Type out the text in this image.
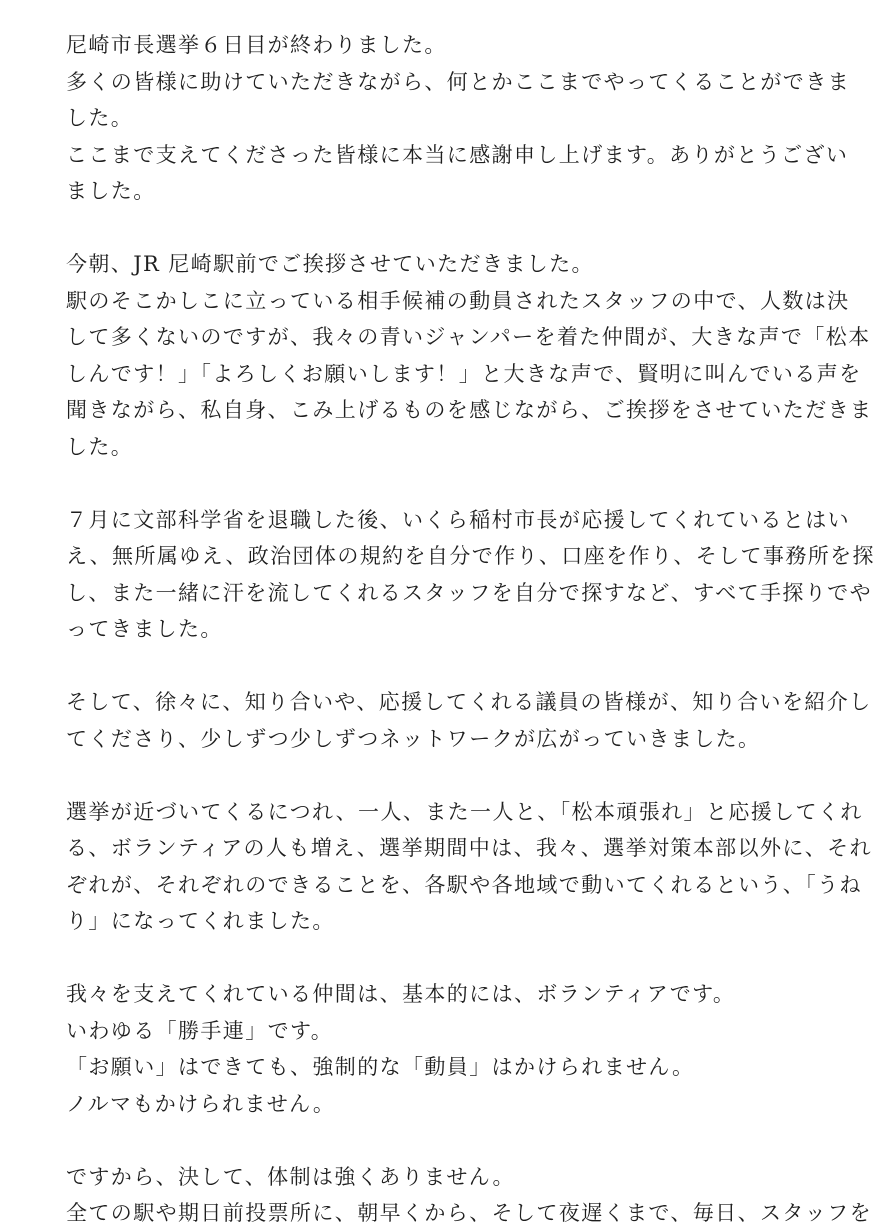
尼崎市長選挙６日目が終わりました。
多くの皆様に助けていただきながら、何とかここまでやってくることができま
した。
ここまで支えてくださった皆様に本当に感謝申し上げます。ありがとうござい
ました。
今朝、JR 尼崎駅前でご挨拶させていただきました。
駅のそこかしこに立っている相手候補の動員されたスタッフの中で、人数は決
して多くないのですが、我々の青いジャンパーを着た仲間が、大きな声で「松本
しんです！」「よろしくお願いします！」と大きな声で、賢明に叫んでいる声を
聞きながら、私自身、こみ上げるものを感じながら、ご挨拶をさせていただきま
した。
７月に文部科学省を退職した後、いくら稲村市長が応援してくれているとはい
え、無所属ゆえ、政治団体の規約を自分で作り、口座を作り、そして事務所を探
し、また一緒に汗を流してくれるスタッフを自分で探すなど、すべて手探りでや
ってきました。
そして、徐々に、知り合いや、応援してくれる議員の皆様が、知り合いを紹介し
てくださり、少しずつ少しずつネットワークが広がっていきました。
選挙が近づいてくるにつれ、一人、また一人と、「松本頑張れ」と応援してくれ
る、ボランティアの人も増え、選挙期間中は、我々、選挙対策本部以外に、それ
ぞれが、それぞれのできることを、各駅や各地域で動いてくれるという、「うね
り」になってくれました。
我々を支えてくれている仲間は、基本的には、ボランティアです。
いわゆる「勝手連」です。
「お願い」はできても、強制的な「動員」はかけられません。
ノルマもかけられません。
ですから、決して、体制は強くありません。
全ての駅や期日前投票所に、朝早くから、そして夜遅くまで、毎日、スタッフを
